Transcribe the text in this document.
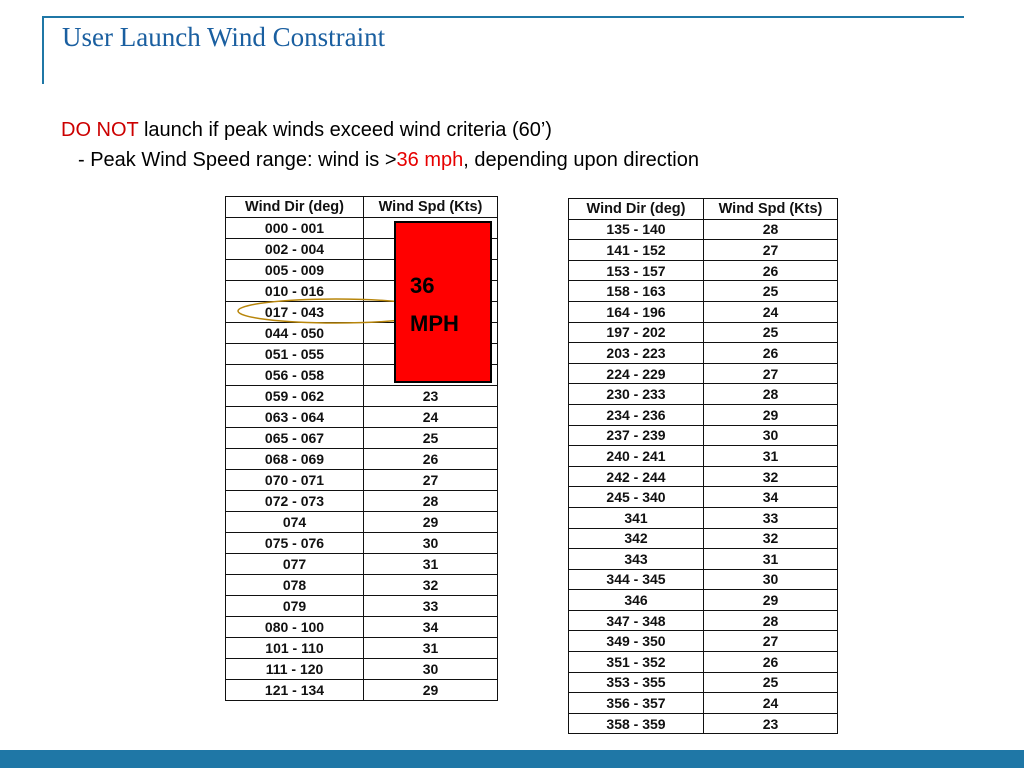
User Launch Wind Constraint
DO NOT launch if peak winds exceed wind criteria (60’)
- Peak Wind Speed range: wind is >36 mph, depending upon direction
Wind Dir (deg)	Wind Spd (Kts)
000 - 001	
002 - 004	
005 - 009	
010 - 016	
017 - 043	
044 - 050	
051 - 055	
056 - 058	
059 - 062	23
063 - 064	24
065 - 067	25
068 - 069	26
070 - 071	27
072 - 073	28
074	29
075 - 076	30
077	31
078	32
079	33
080 - 100	34
101 - 110	31
111 - 120	30
121 - 134	29
Wind Dir (deg)	Wind Spd (Kts)
135 - 140	28
141 - 152	27
153 - 157	26
158 - 163	25
164 - 196	24
197 - 202	25
203 - 223	26
224 - 229	27
230 - 233	28
234 - 236	29
237 - 239	30
240 - 241	31
242 - 244	32
245 - 340	34
341	33
342	32
343	31
344 - 345	30
346	29
347 - 348	28
349 - 350	27
351 - 352	26
353 - 355	25
356 - 357	24
358 - 359	23
36
MPH
